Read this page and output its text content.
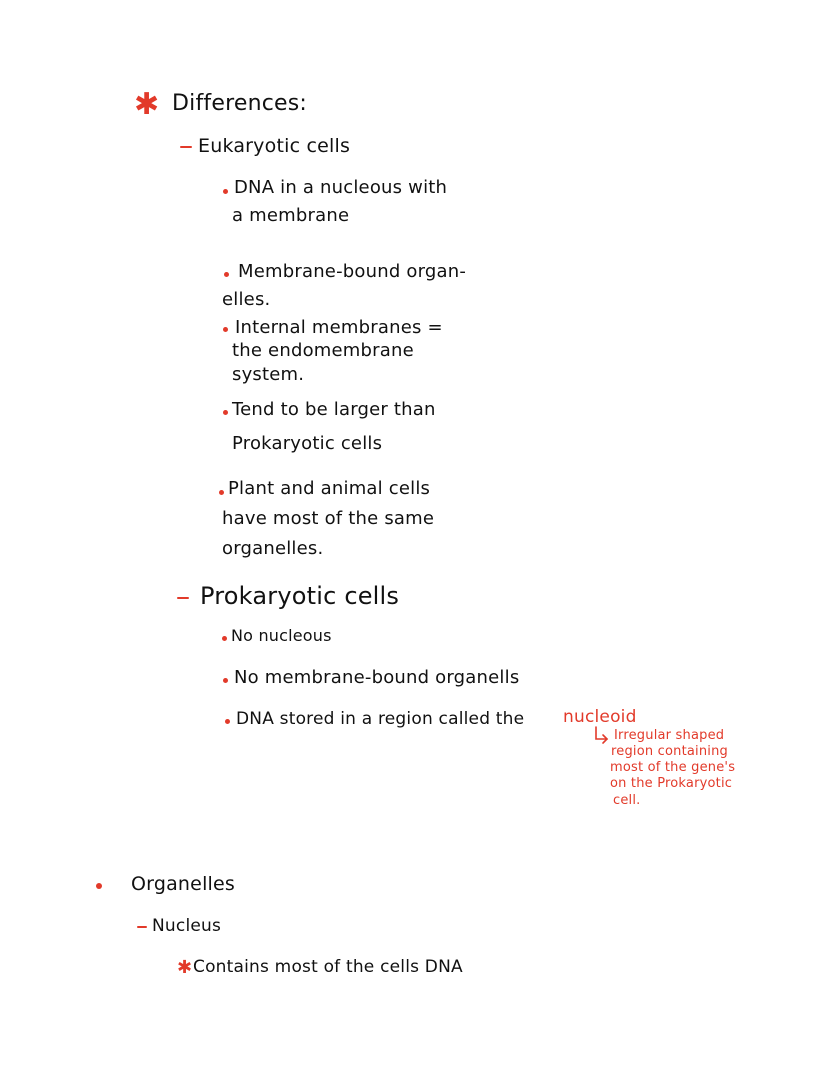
✱ Differences:
Eukaryotic cells
DNA in a nucleous with
a membrane
Membrane-bound organ-
elles.
Internal membranes =
the endomembrane
system.
Tend to be larger than
Prokaryotic cells
Plant and animal cells
have most of the same
organelles.
Prokaryotic cells
No nucleous
No membrane-bound organells
DNA stored in a region called the nucleoid
Irregular shaped
region containing
most of the gene's
on the Prokaryotic
cell.
Organelles
Nucleus
✱ Contains most of the cells DNA
